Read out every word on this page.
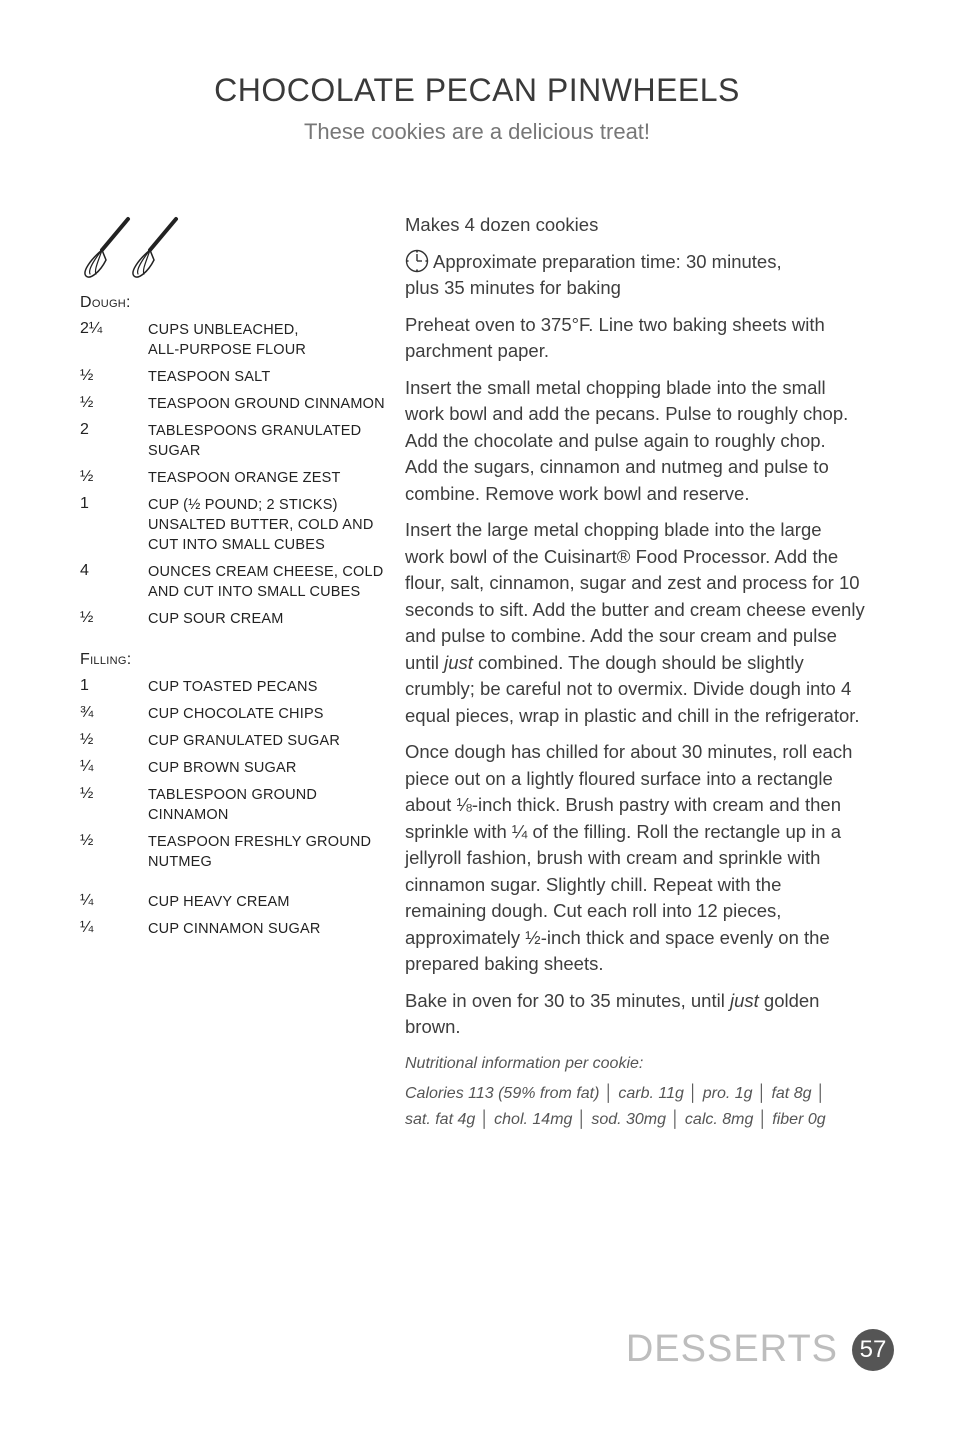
CHOCOLATE PECAN PINWHEELS
These cookies are a delicious treat!
Dough:
2¼	CUPS UNBLEACHED,
ALL-PURPOSE FLOUR
½	TEASPOON SALT
½	TEASPOON GROUND CINNAMON
2	TABLESPOONS GRANULATED
SUGAR
½	TEASPOON ORANGE ZEST
1	CUP (½ POUND; 2 STICKS)
UNSALTED BUTTER, COLD AND
CUT INTO SMALL CUBES
4	OUNCES CREAM CHEESE, COLD
AND CUT INTO SMALL CUBES
½	CUP SOUR CREAM
Filling:
1	CUP TOASTED PECANS
¾	CUP CHOCOLATE CHIPS
½	CUP GRANULATED SUGAR
¼	CUP BROWN SUGAR
½	TABLESPOON GROUND
CINNAMON
½	TEASPOON FRESHLY GROUND
NUTMEG
¼	CUP HEAVY CREAM
¼	CUP CINNAMON SUGAR

Makes 4 dozen cookies

Approximate preparation time: 30 minutes,
plus 35 minutes for baking

Preheat oven to 375°F. Line two baking sheets with
parchment paper.

Insert the small metal chopping blade into the small
work bowl and add the pecans. Pulse to roughly chop.
Add the chocolate and pulse again to roughly chop.
Add the sugars, cinnamon and nutmeg and pulse to
combine. Remove work bowl and reserve.

Insert the large metal chopping blade into the large
work bowl of the Cuisinart® Food Processor. Add the
flour, salt, cinnamon, sugar and zest and process for 10
seconds to sift. Add the butter and cream cheese evenly
and pulse to combine. Add the sour cream and pulse
until just combined. The dough should be slightly
crumbly; be careful not to overmix. Divide dough into 4
equal pieces, wrap in plastic and chill in the refrigerator.

Once dough has chilled for about 30 minutes, roll each
piece out on a lightly floured surface into a rectangle
about ⅛-inch thick. Brush pastry with cream and then
sprinkle with ¼ of the filling. Roll the rectangle up in a
jellyroll fashion, brush with cream and sprinkle with
cinnamon sugar. Slightly chill. Repeat with the
remaining dough. Cut each roll into 12 pieces,
approximately ½-inch thick and space evenly on the
prepared baking sheets.

Bake in oven for 30 to 35 minutes, until just golden
brown.

Nutritional information per cookie:

Calories 113 (59% from fat) │ carb. 11g │ pro. 1g │ fat 8g │
sat. fat 4g │ chol. 14mg │ sod. 30mg │ calc. 8mg │ fiber 0g

DESSERTS 57
